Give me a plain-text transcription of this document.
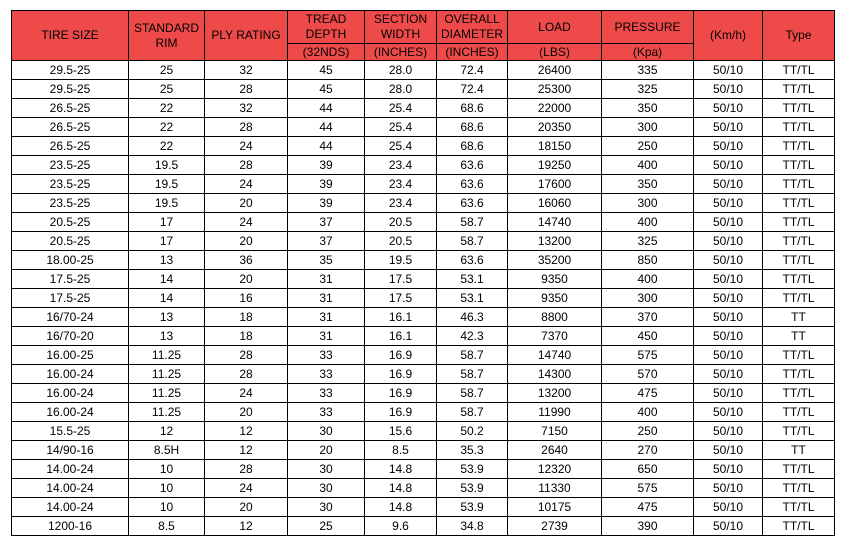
TIRE SIZE	STANDARD RIM	PLY RATING	TREAD DEPTH	SECTION WIDTH	OVERALL DIAMETER	LOAD	PRESSURE	(Km/h)	Type
			(32NDS)	(INCHES)	(INCHES)	(LBS)	(Kpa)		
29.5-25	25	32	45	28.0	72.4	26400	335	50/10	TT/TL
29.5-25	25	28	45	28.0	72.4	25300	325	50/10	TT/TL
26.5-25	22	32	44	25.4	68.6	22000	350	50/10	TT/TL
26.5-25	22	28	44	25.4	68.6	20350	300	50/10	TT/TL
26.5-25	22	24	44	25.4	68.6	18150	250	50/10	TT/TL
23.5-25	19.5	28	39	23.4	63.6	19250	400	50/10	TT/TL
23.5-25	19.5	24	39	23.4	63.6	17600	350	50/10	TT/TL
23.5-25	19.5	20	39	23.4	63.6	16060	300	50/10	TT/TL
20.5-25	17	24	37	20.5	58.7	14740	400	50/10	TT/TL
20.5-25	17	20	37	20.5	58.7	13200	325	50/10	TT/TL
18.00-25	13	36	35	19.5	63.6	35200	850	50/10	TT/TL
17.5-25	14	20	31	17.5	53.1	9350	400	50/10	TT/TL
17.5-25	14	16	31	17.5	53.1	9350	300	50/10	TT/TL
16/70-24	13	18	31	16.1	46.3	8800	370	50/10	TT
16/70-20	13	18	31	16.1	42.3	7370	450	50/10	TT
16.00-25	11.25	28	33	16.9	58.7	14740	575	50/10	TT/TL
16.00-24	11.25	28	33	16.9	58.7	14300	570	50/10	TT/TL
16.00-24	11.25	24	33	16.9	58.7	13200	475	50/10	TT/TL
16.00-24	11.25	20	33	16.9	58.7	11990	400	50/10	TT/TL
15.5-25	12	12	30	15.6	50.2	7150	250	50/10	TT/TL
14/90-16	8.5H	12	20	8.5	35.3	2640	270	50/10	TT
14.00-24	10	28	30	14.8	53.9	12320	650	50/10	TT/TL
14.00-24	10	24	30	14.8	53.9	11330	575	50/10	TT/TL
14.00-24	10	20	30	14.8	53.9	10175	475	50/10	TT/TL
1200-16	8.5	12	25	9.6	34.8	2739	390	50/10	TT/TL
